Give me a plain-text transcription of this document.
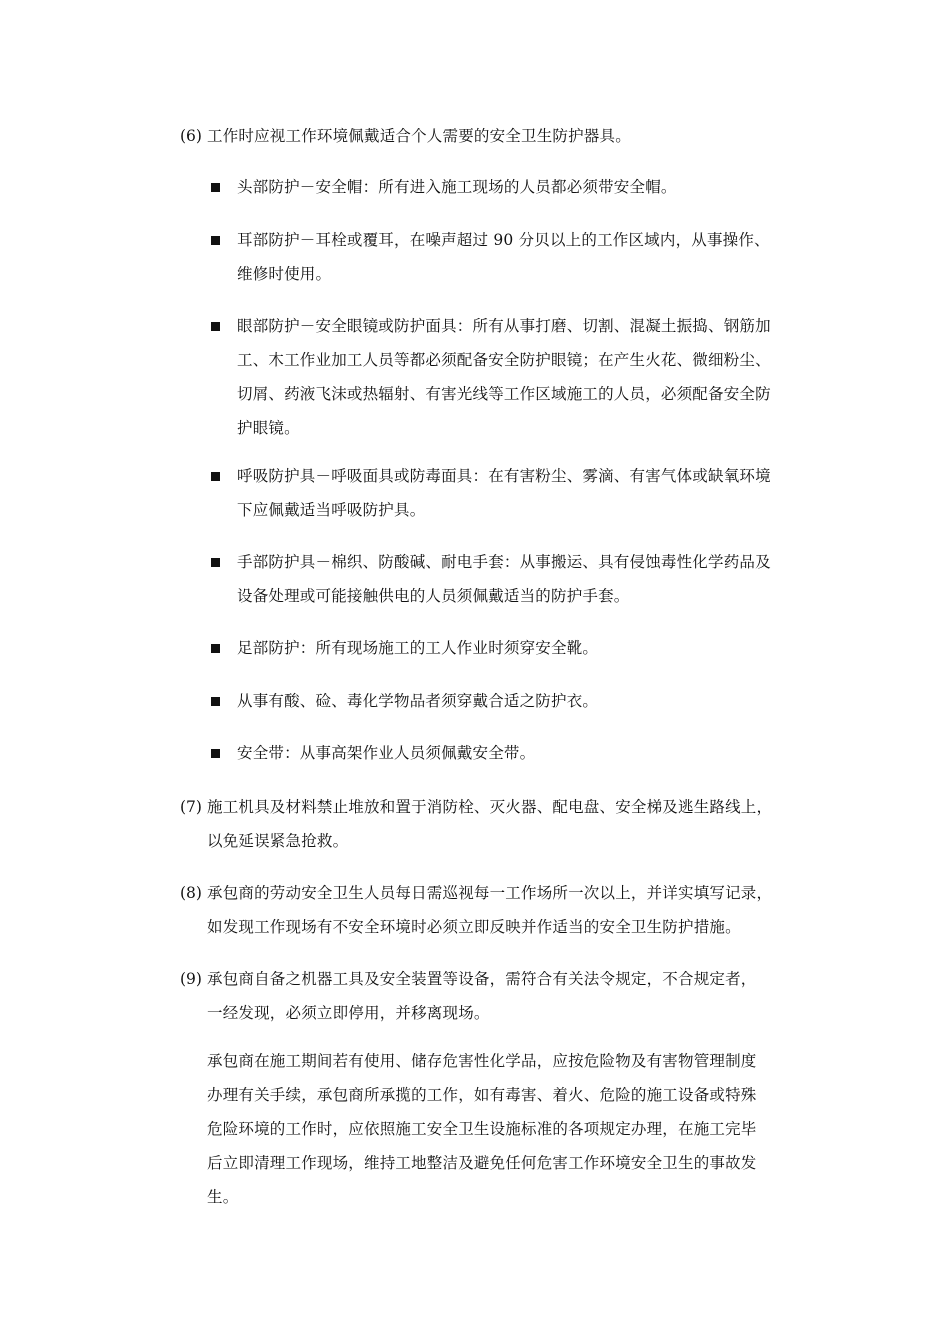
(6) 工作时应视工作环境佩戴适合个人需要的安全卫生防护器具。
头部防护－安全帽：所有进入施工现场的人员都必须带安全帽。
耳部防护－耳栓或覆耳，在噪声超过 90 分贝以上的工作区域内，从事操作、
维修时使用。
眼部防护－安全眼镜或防护面具：所有从事打磨、切割、混凝土振捣、钢筋加
工、木工作业加工人员等都必须配备安全防护眼镜；在产生火花、微细粉尘、
切屑、药液飞沫或热辐射、有害光线等工作区域施工的人员，必须配备安全防
护眼镜。
呼吸防护具－呼吸面具或防毒面具：在有害粉尘、雾滴、有害气体或缺氧环境
下应佩戴适当呼吸防护具。
手部防护具－棉织、防酸碱、耐电手套：从事搬运、具有侵蚀毒性化学药品及
设备处理或可能接触供电的人员须佩戴适当的防护手套。
足部防护：所有现场施工的工人作业时须穿安全靴。
从事有酸、硷、毒化学物品者须穿戴合适之防护衣。
安全带：从事高架作业人员须佩戴安全带。
(7) 施工机具及材料禁止堆放和置于消防栓、灭火器、配电盘、安全梯及逃生路线上，
以免延误紧急抢救。
(8) 承包商的劳动安全卫生人员每日需巡视每一工作场所一次以上，并详实填写记录，
如发现工作现场有不安全环境时必须立即反映并作适当的安全卫生防护措施。
(9) 承包商自备之机器工具及安全装置等设备，需符合有关法令规定，不合规定者，
一经发现，必须立即停用，并移离现场。
承包商在施工期间若有使用、储存危害性化学品，应按危险物及有害物管理制度
办理有关手续，承包商所承揽的工作，如有毒害、着火、危险的施工设备或特殊
危险环境的工作时，应依照施工安全卫生设施标准的各项规定办理，在施工完毕
后立即清理工作现场，维持工地整洁及避免任何危害工作环境安全卫生的事故发
生。
